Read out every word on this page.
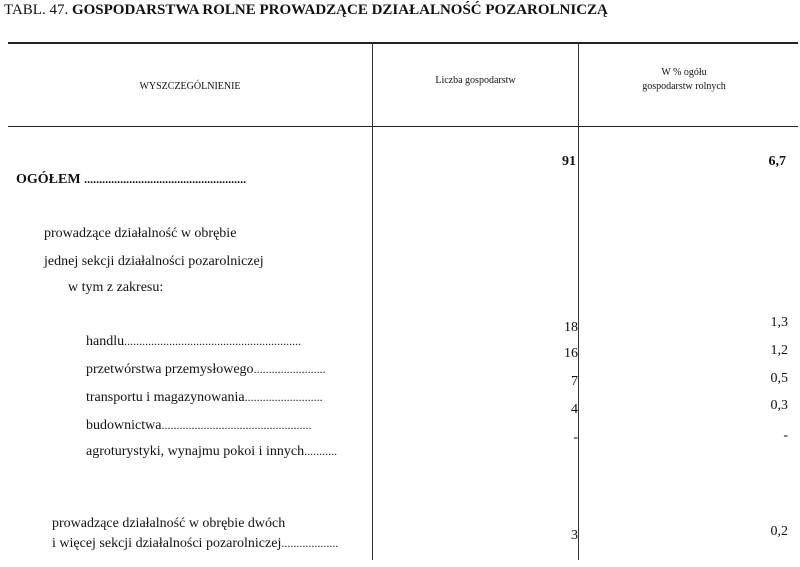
TABL. 47. GOSPODARSTWA ROLNE PROWADZĄCE DZIAŁALNOŚĆ POZAROLNICZĄ
WYSZCZEGÓLNIENIE
Liczba gospodarstw
W % ogółu
gospodarstw rolnych
OGÓŁEM ......................................................
91	6,7
prowadzące działalność w obrębie
jednej sekcji działalności pozarolniczej
w tym z zakresu:
handlu...........................................................
18	1,3
przetwórstwa przemysłowego........................
16	1,2
transportu i magazynowania..........................
7	0,5
budownictwa..................................................
4	0,3
agroturystyki, wynajmu pokoi i innych...........
-	-
prowadzące działalność w obrębie dwóch
i więcej sekcji działalności pozarolniczej...................	3	0,2
